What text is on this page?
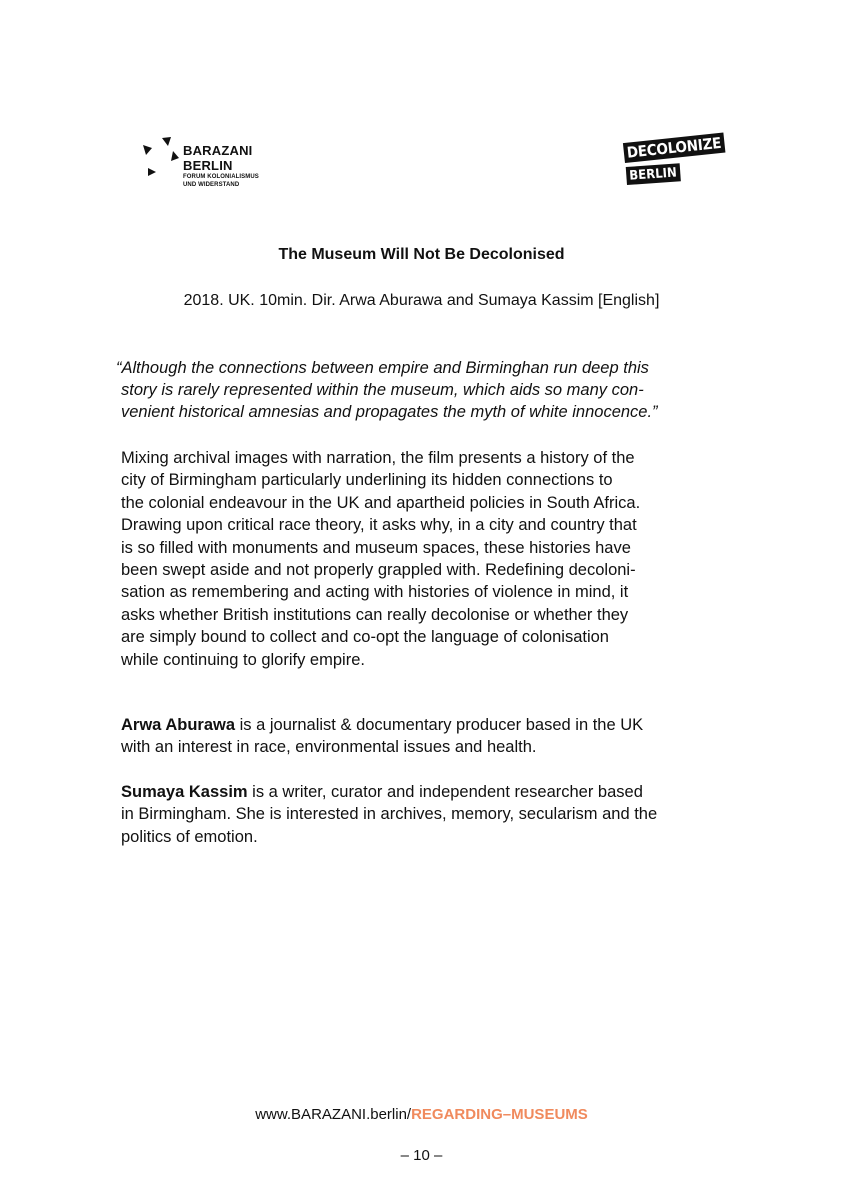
BARAZANI
BERLIN
FORUM KOLONIALISMUS
UND WIDERSTAND
DECOLONIZE
BERLIN
The Museum Will Not Be Decolonised
2018. UK. 10min. Dir. Arwa Aburawa and Sumaya Kassim [English]
“Although the connections between empire and Birminghan run deep this
story is rarely represented within the museum, which aids so many con-
venient historical amnesias and propagates the myth of white innocence.”
Mixing archival images with narration, the film presents a history of the
city of Birmingham particularly underlining its hidden connections to
the colonial endeavour in the UK and apartheid policies in South Africa.
Drawing upon critical race theory, it asks why, in a city and country that
is so filled with monuments and museum spaces, these histories have
been swept aside and not properly grappled with. Redefining decoloni-
sation as remembering and acting with histories of violence in mind, it
asks whether British institutions can really decolonise or whether they
are simply bound to collect and co-opt the language of colonisation
while continuing to glorify empire.
Arwa Aburawa is a journalist & documentary producer based in the UK
with an interest in race, environmental issues and health.
Sumaya Kassim is a writer, curator and independent researcher based
in Birmingham. She is interested in archives, memory, secularism and the
politics of emotion.
www.BARAZANI.berlin/REGARDING–MUSEUMS
– 10 –
